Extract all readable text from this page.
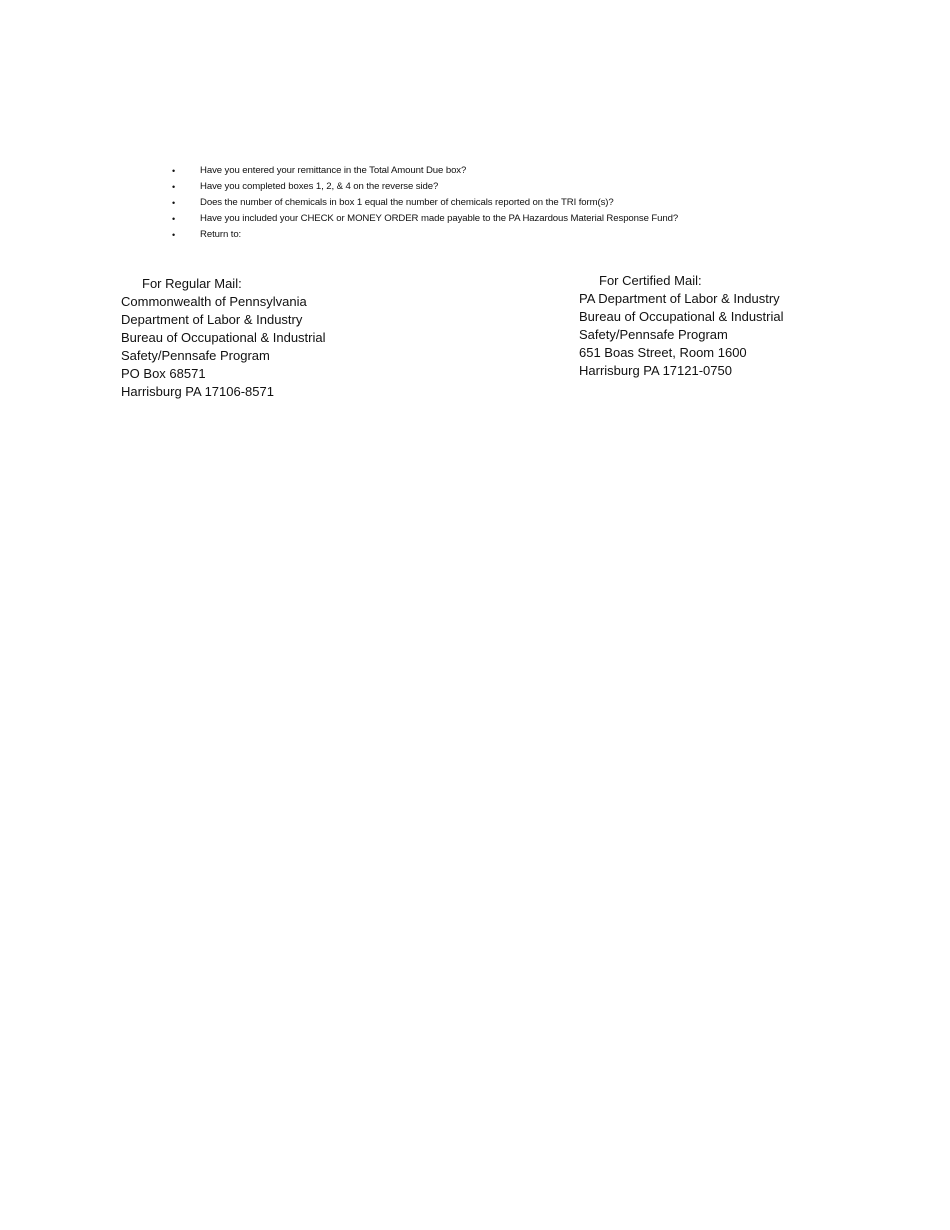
•	Have you entered your remittance in the Total Amount Due box?
•	Have you completed boxes 1, 2, & 4 on the reverse side?
•	Does the number of chemicals in box 1 equal the number of chemicals reported on the TRI form(s)?
•	Have you included your CHECK or MONEY ORDER made payable to the PA Hazardous Material Response Fund?
•	Return to:
For Regular Mail:
Commonwealth of Pennsylvania
Department of Labor & Industry
Bureau of Occupational & Industrial
Safety/Pennsafe Program
PO Box 68571
Harrisburg PA 17106-8571
For Certified Mail:
PA Department of Labor & Industry
Bureau of Occupational & Industrial
Safety/Pennsafe Program
651 Boas Street, Room 1600
Harrisburg PA 17121-0750
